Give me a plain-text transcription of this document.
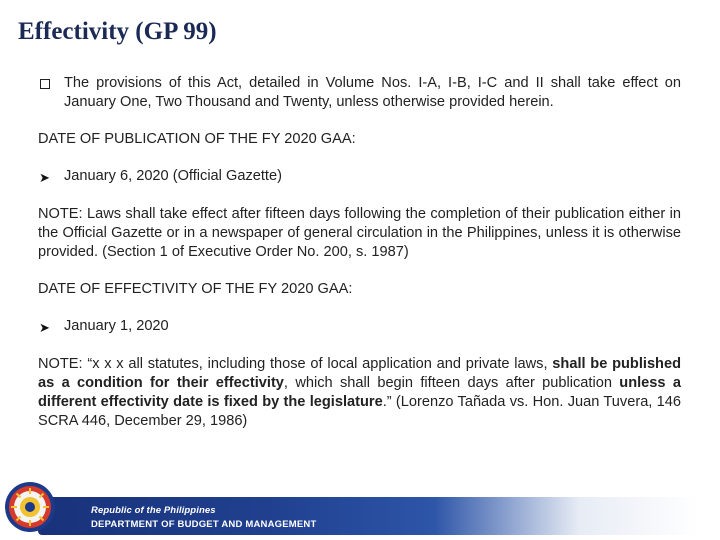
Effectivity (GP 99)
The provisions of this Act, detailed in Volume Nos. I-A, I-B, I-C and II shall take effect on January One, Two Thousand and Twenty, unless otherwise provided herein.

DATE OF PUBLICATION OF THE FY 2020 GAA:

➤ January 6, 2020 (Official Gazette)

NOTE: Laws shall take effect after fifteen days following the completion of their publication either in the Official Gazette or in a newspaper of general circulation in the Philippines, unless it is otherwise provided. (Section 1 of Executive Order No. 200, s. 1987)

DATE OF EFFECTIVITY OF THE FY 2020 GAA:

➤ January 1, 2020

NOTE: “x x x all statutes, including those of local application and private laws, shall be published as a condition for their effectivity, which shall begin fifteen days after publication unless a different effectivity date is fixed by the legislature.” (Lorenzo Tañada vs. Hon. Juan Tuvera, 146 SCRA 446, December 29, 1986)

Republic of the Philippines
DEPARTMENT OF BUDGET AND MANAGEMENT
